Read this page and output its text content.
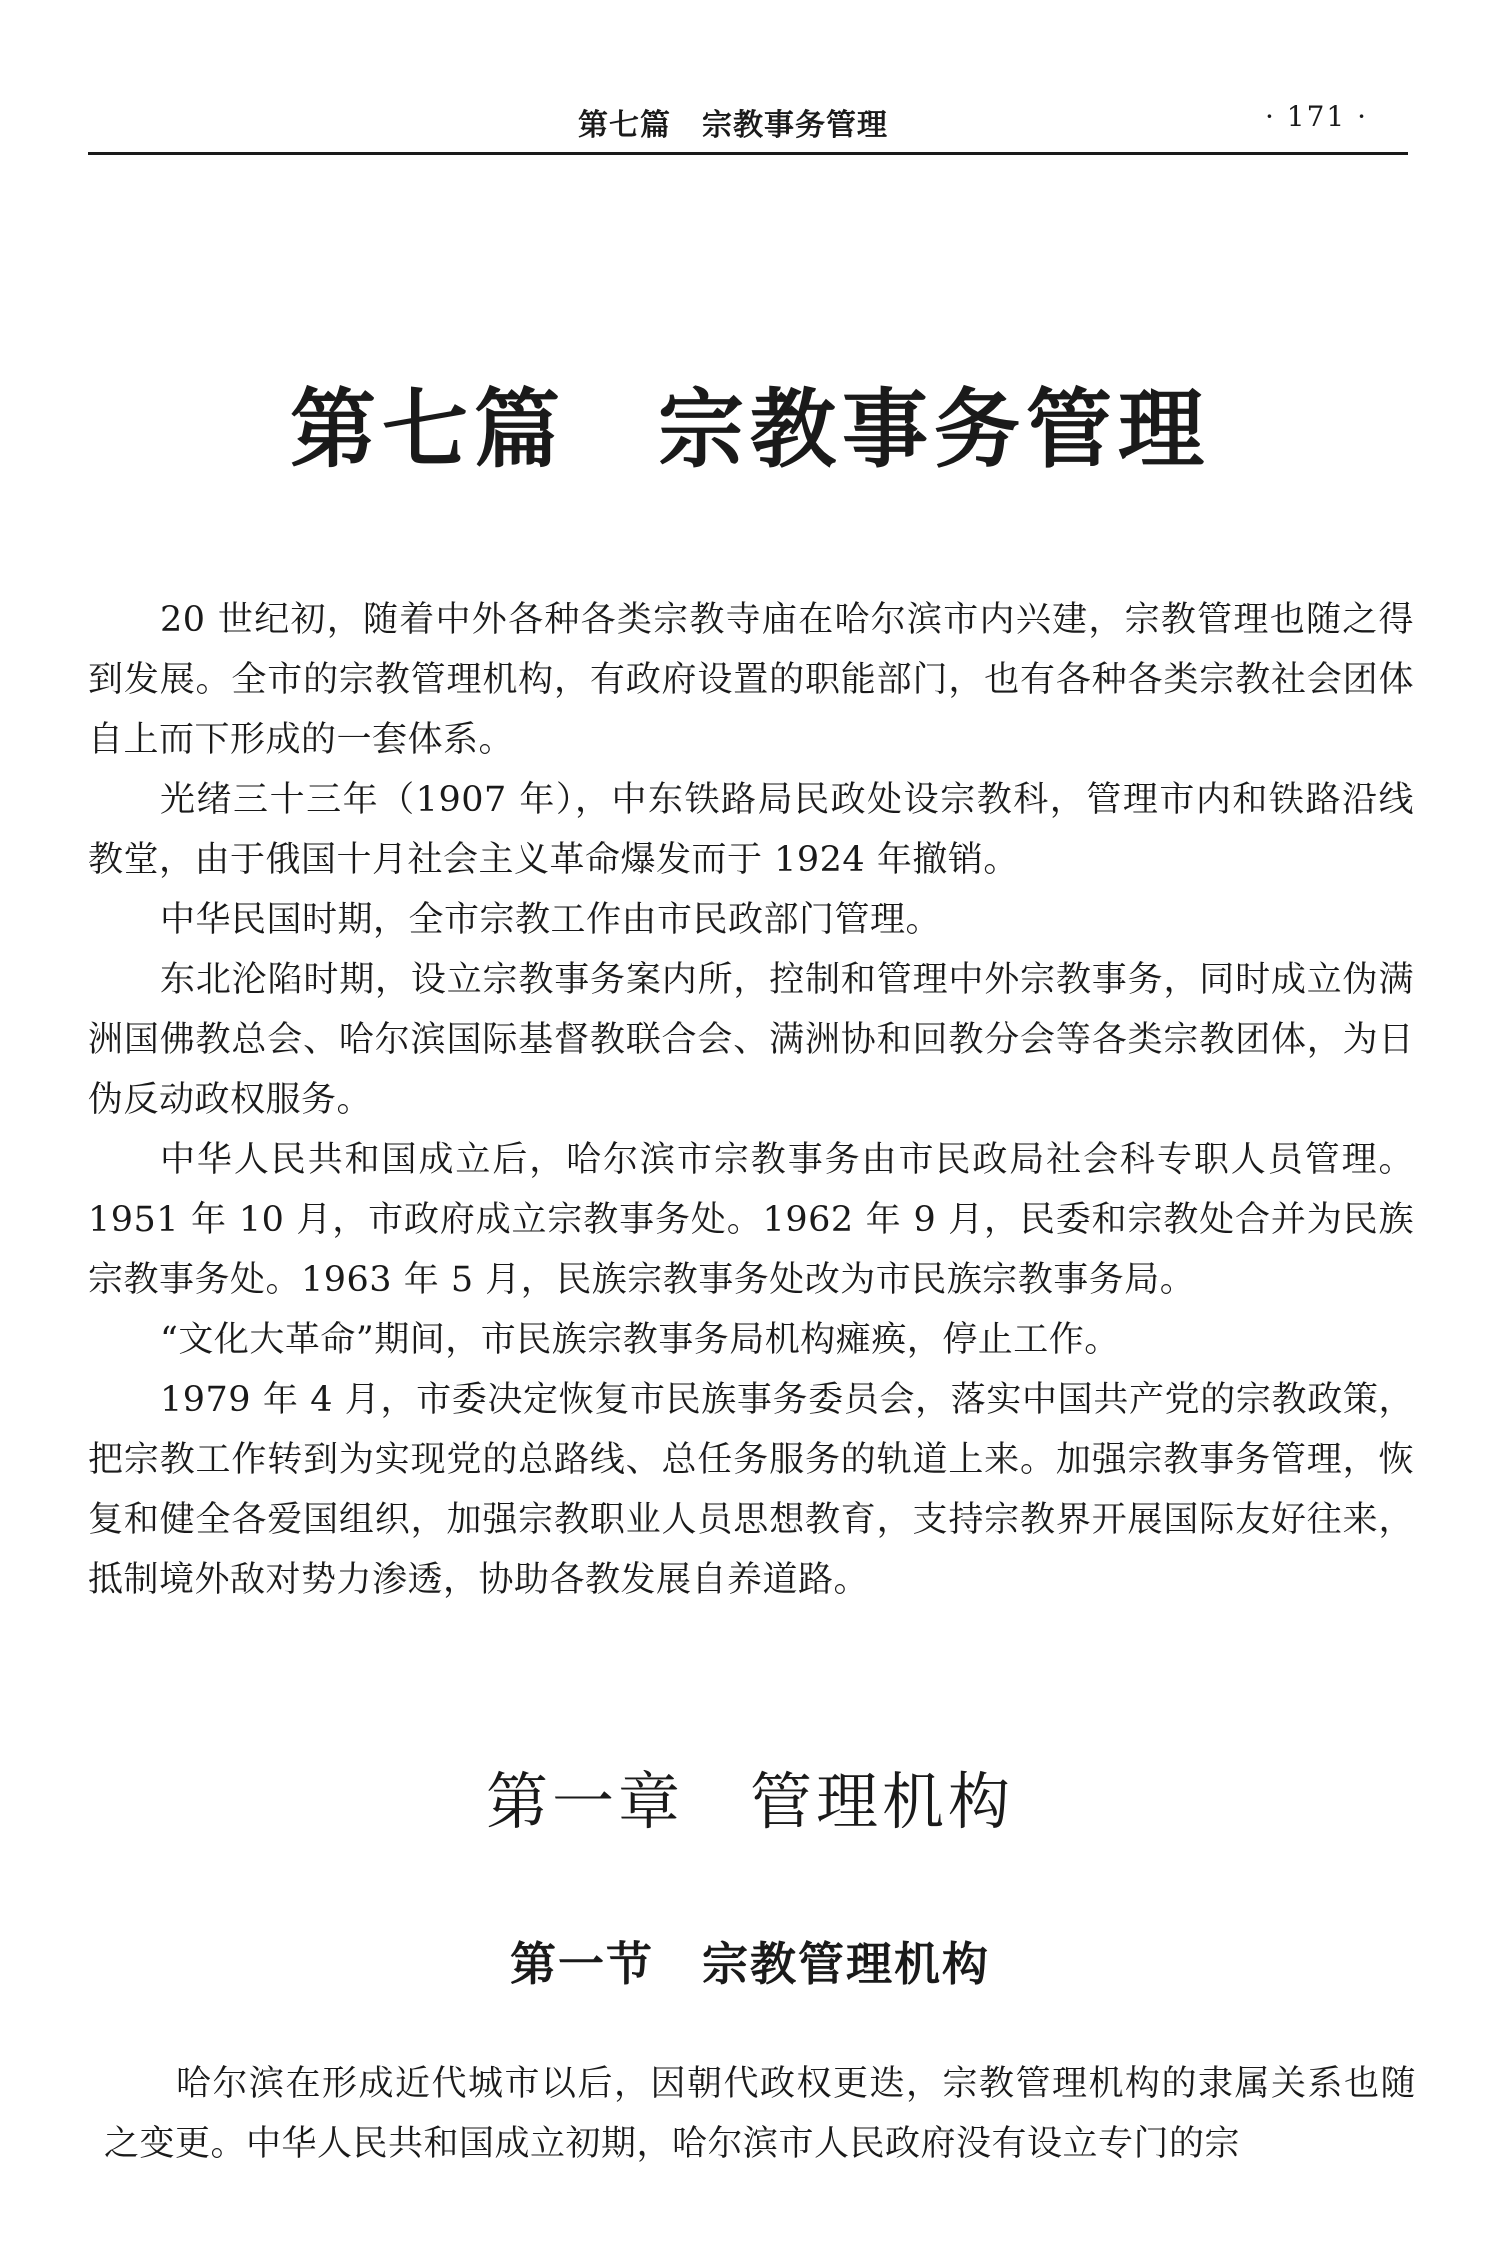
第七篇　宗教事务管理	· 171 ·
第七篇　宗教事务管理

20 世纪初，随着中外各种各类宗教寺庙在哈尔滨市内兴建，宗教管理也随之得到发展。全市的宗教管理机构，有政府设置的职能部门，也有各种各类宗教社会团体自上而下形成的一套体系。

光绪三十三年（1907 年），中东铁路局民政处设宗教科，管理市内和铁路沿线教堂，由于俄国十月社会主义革命爆发而于 1924 年撤销。

中华民国时期，全市宗教工作由市民政部门管理。

东北沦陷时期，设立宗教事务案内所，控制和管理中外宗教事务，同时成立伪满洲国佛教总会、哈尔滨国际基督教联合会、满洲协和回教分会等各类宗教团体，为日伪反动政权服务。

中华人民共和国成立后，哈尔滨市宗教事务由市民政局社会科专职人员管理。1951 年 10 月，市政府成立宗教事务处。1962 年 9 月，民委和宗教处合并为民族宗教事务处。1963 年 5 月，民族宗教事务处改为市民族宗教事务局。

“文化大革命”期间，市民族宗教事务局机构瘫痪，停止工作。

1979 年 4 月，市委决定恢复市民族事务委员会，落实中国共产党的宗教政策，把宗教工作转到为实现党的总路线、总任务服务的轨道上来。加强宗教事务管理，恢复和健全各爱国组织，加强宗教职业人员思想教育，支持宗教界开展国际友好往来，抵制境外敌对势力渗透，协助各教发展自养道路。

第一章　管理机构
第一节　宗教管理机构

哈尔滨在形成近代城市以后，因朝代政权更迭，宗教管理机构的隶属关系也随之变更。中华人民共和国成立初期，哈尔滨市人民政府没有设立专门的宗
